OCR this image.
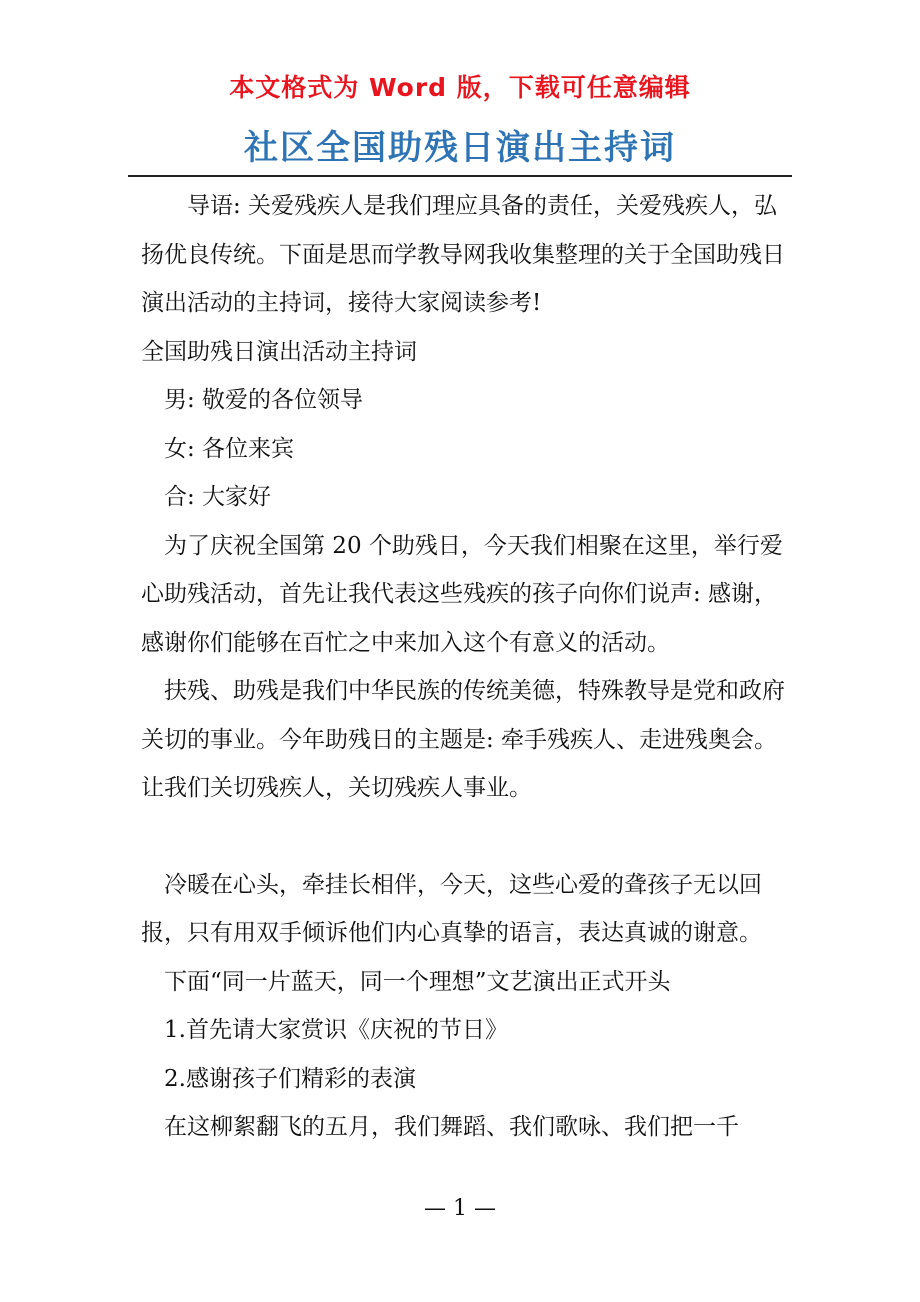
本文格式为 Word 版，下载可任意编辑
社区全国助残日演出主持词

导语: 关爱残疾人是我们理应具备的责任，关爱残疾人，弘扬优良传统。下面是思而学教导网我收集整理的关于全国助残日演出活动的主持词，接待大家阅读参考!

全国助残日演出活动主持词

男: 敬爱的各位领导

女: 各位来宾

合: 大家好

为了庆祝全国第 20 个助残日，今天我们相聚在这里，举行爱心助残活动，首先让我代表这些残疾的孩子向你们说声: 感谢，感谢你们能够在百忙之中来加入这个有意义的活动。

扶残、助残是我们中华民族的传统美德，特殊教导是党和政府关切的事业。今年助残日的主题是: 牵手残疾人、走进残奥会。让我们关切残疾人，关切残疾人事业。

冷暖在心头，牵挂长相伴，今天，这些心爱的聋孩子无以回报，只有用双手倾诉他们内心真挚的语言，表达真诚的谢意。

下面“同一片蓝天，同一个理想”文艺演出正式开头

1.首先请大家赏识《庆祝的节日》

2.感谢孩子们精彩的表演

在这柳絮翻飞的五月，我们舞蹈、我们歌咏、我们把一千

— 1 —
